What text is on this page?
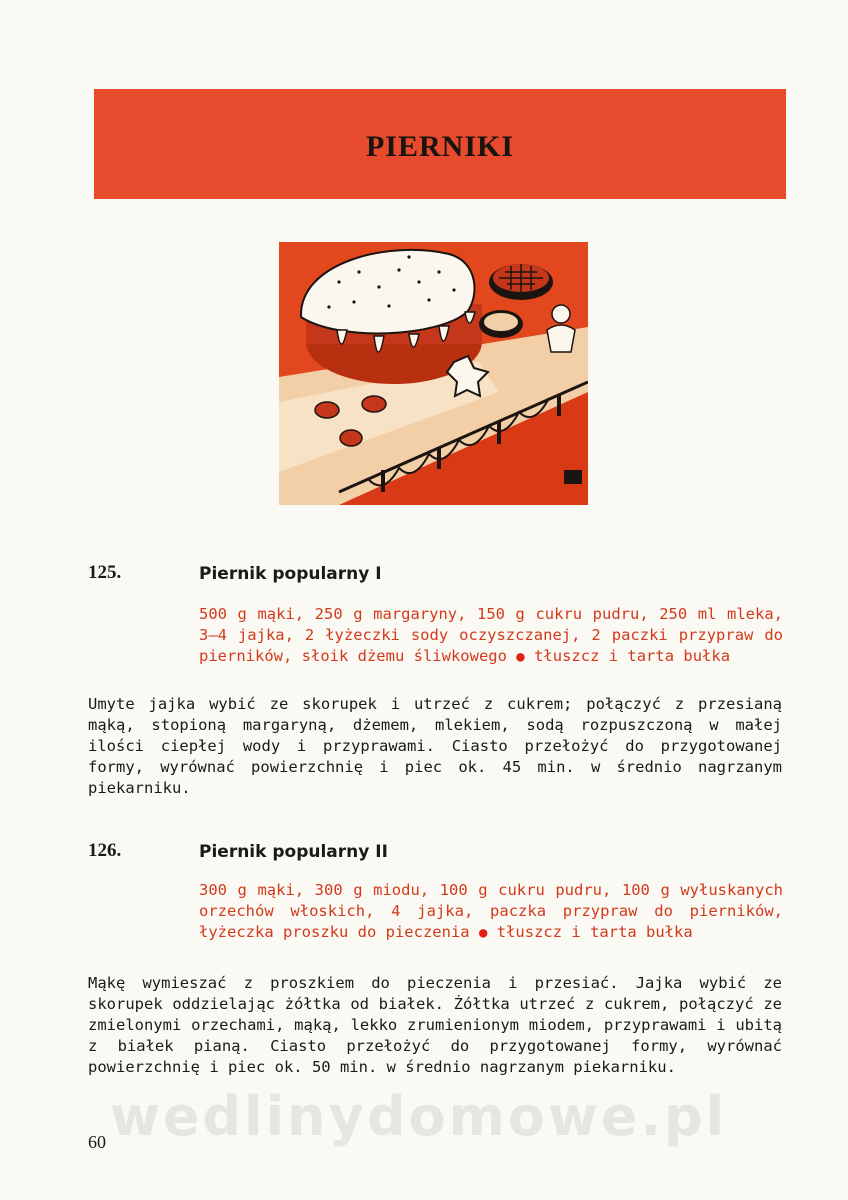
PIERNIKI
125.	Piernik popularny I
500 g mąki, 250 g margaryny, 150 g cukru pudru, 250 ml mleka, 3—4 jajka, 2 łyżeczki sody oczyszczanej, 2 paczki przypraw do pierników, słoik dżemu śliwkowego ● tłuszcz i tarta bułka

Umyte jajka wybić ze skorupek i utrzeć z cukrem; połączyć z przesianą mąką, stopioną margaryną, dżemem, mlekiem, sodą rozpuszczoną w małej ilości ciepłej wody i przyprawami. Ciasto przełożyć do przygotowanej formy, wyrównać powierzchnię i piec ok. 45 min. w średnio nagrzanym piekarniku.

126.	Piernik popularny II
300 g mąki, 300 g miodu, 100 g cukru pudru, 100 g wyłuskanych orzechów włoskich, 4 jajka, paczka przypraw do pierników, łyżeczka proszku do pieczenia ● tłuszcz i tarta bułka

Mąkę wymieszać z proszkiem do pieczenia i przesiać. Jajka wybić ze skorupek oddzielając żółtka od białek. Żółtka utrzeć z cukrem, połączyć ze zmielonymi orzechami, mąką, lekko zrumienionym miodem, przyprawami i ubitą z białek pianą. Ciasto przełożyć do przygotowanej formy, wyrównać powierzchnię i piec ok. 50 min. w średnio nagrzanym piekarniku.

wedlinydomowe.pl
60
